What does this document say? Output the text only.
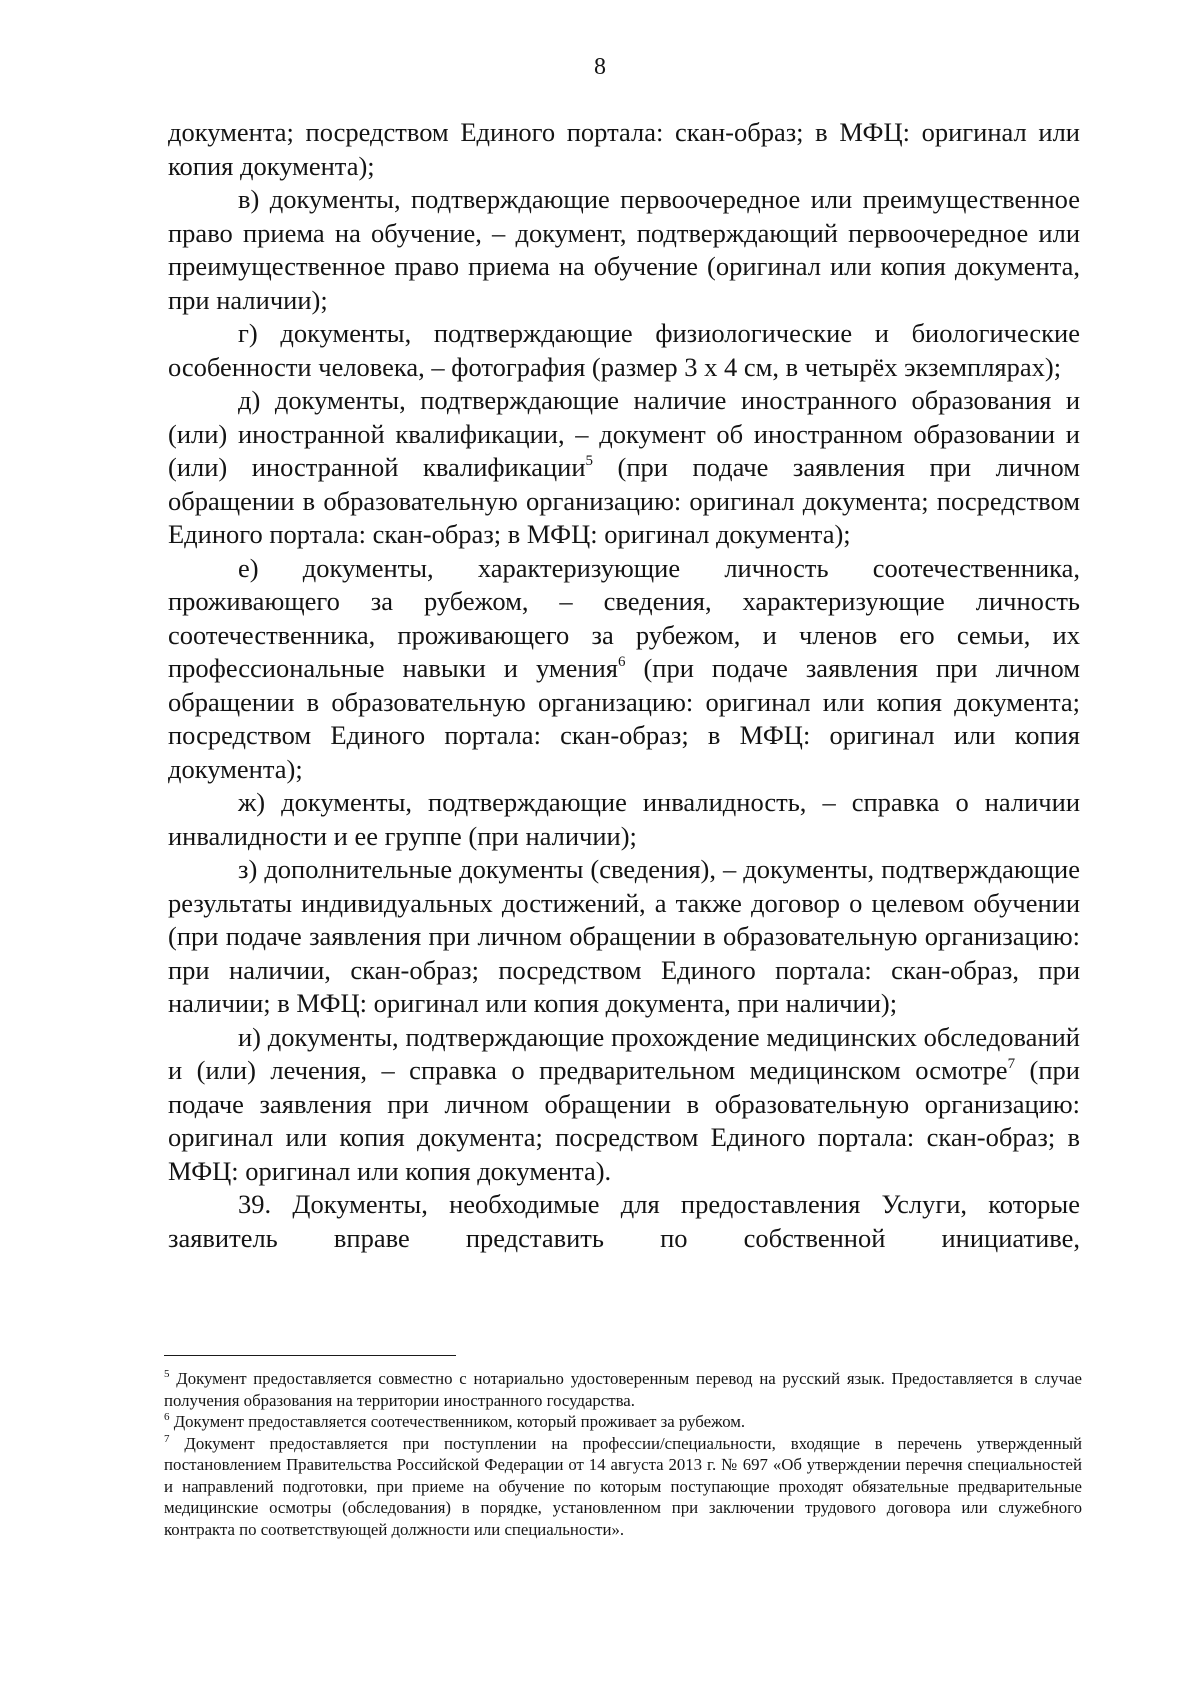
8

документа; посредством Единого портала: скан-образ; в МФЦ: оригинал или копия документа);

в) документы, подтверждающие первоочередное или преимущественное право приема на обучение, – документ, подтверждающий первоочередное или преимущественное право приема на обучение (оригинал или копия документа, при наличии);

г) документы, подтверждающие физиологические и биологические особенности человека, – фотография (размер 3 x 4 см, в четырёх экземплярах);

д) документы, подтверждающие наличие иностранного образования и (или) иностранной квалификации, – документ об иностранном образовании и (или) иностранной квалификации$^5$ (при подаче заявления при личном обращении в образовательную организацию: оригинал документа; посредством Единого портала: скан-образ; в МФЦ: оригинал документа);

е) документы, характеризующие личность соотечественника, проживающего за рубежом, – сведения, характеризующие личность соотечественника, проживающего за рубежом, и членов его семьи, их профессиональные навыки и умения$^6$ (при подаче заявления при личном обращении в образовательную организацию: оригинал или копия документа; посредством Единого портала: скан-образ; в МФЦ: оригинал или копия документа);

ж) документы, подтверждающие инвалидность, – справка о наличии инвалидности и ее группе (при наличии);

з) дополнительные документы (сведения), – документы, подтверждающие результаты индивидуальных достижений, а также договор о целевом обучении (при подаче заявления при личном обращении в образовательную организацию: при наличии, скан-образ; посредством Единого портала: скан-образ, при наличии; в МФЦ: оригинал или копия документа, при наличии);

и) документы, подтверждающие прохождение медицинских обследований и (или) лечения, – справка о предварительном медицинском осмотре$^7$ (при подаче заявления при личном обращении в образовательную организацию: оригинал или копия документа; посредством Единого портала: скан-образ; в МФЦ: оригинал или копия документа).

39. Документы, необходимые для предоставления Услуги, которые заявитель вправе представить по собственной инициативе,

$^5$ Документ предоставляется совместно с нотариально удостоверенным перевод на русский язык. Предоставляется в случае получения образования на территории иностранного государства.

$^6$ Документ предоставляется соотечественником, который проживает за рубежом.

$^7$ Документ предоставляется при поступлении на профессии/специальности, входящие в перечень утвержденный постановлением Правительства Российской Федерации от 14 августа 2013 г. № 697 «Об утверждении перечня специальностей и направлений подготовки, при приеме на обучение по которым поступающие проходят обязательные предварительные медицинские осмотры (обследования) в порядке, установленном при заключении трудового договора или служебного контракта по соответствующей должности или специальности».
